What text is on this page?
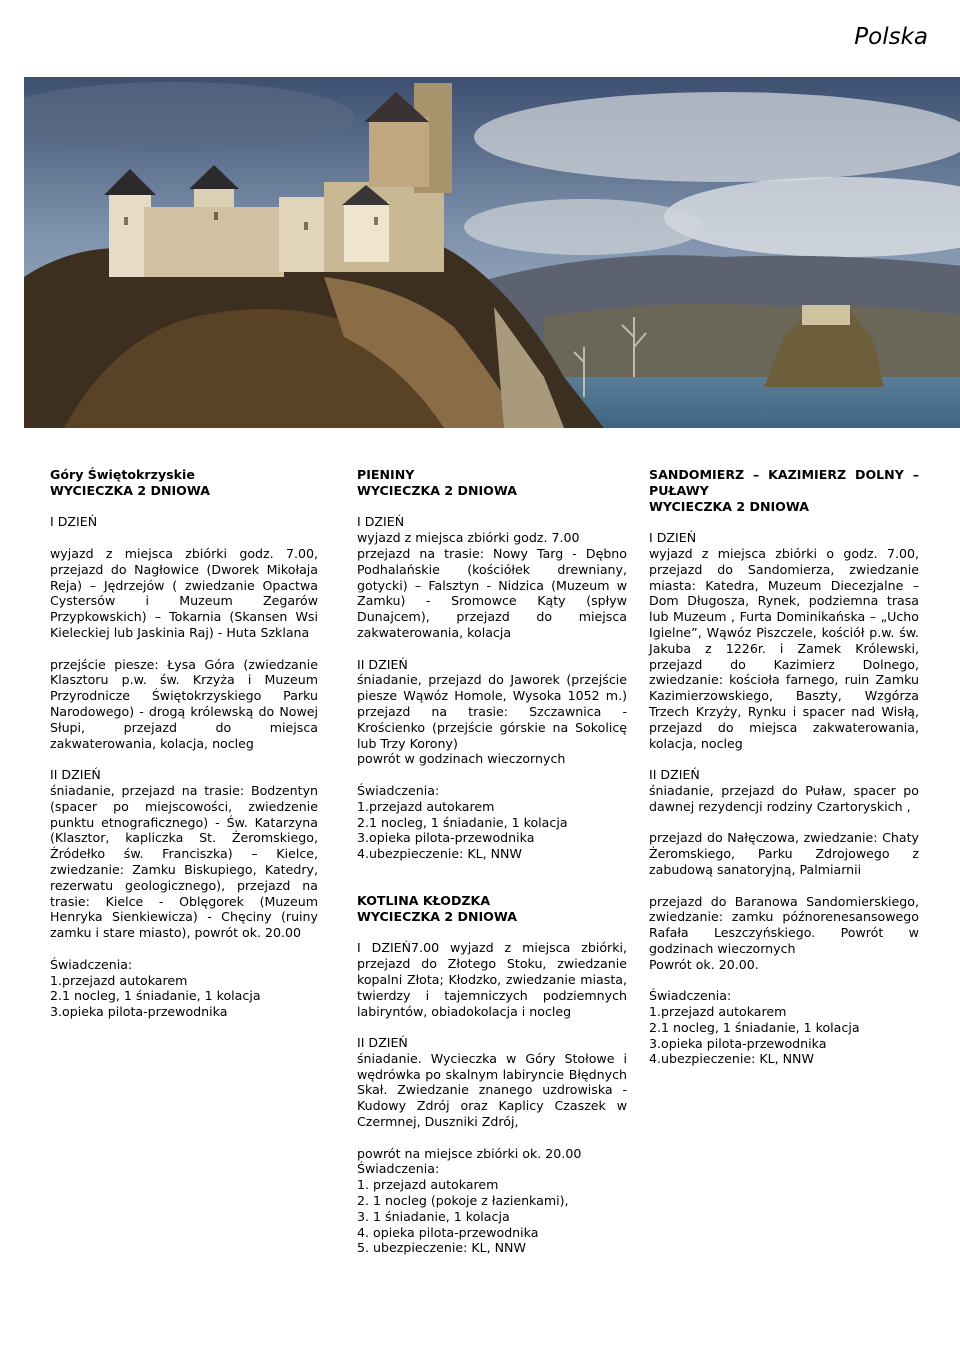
Polska
Góry Świętokrzyskie
WYCIECZKA 2 DNIOWA
I DZIEŃ
wyjazd z miejsca zbiórki godz. 7.00, przejazd do Nagłowice (Dworek Mikołaja Reja) – Jędrzejów ( zwiedzanie Opactwa Cystersów i Muzeum Zegarów Przypkowskich) – Tokarnia (Skansen Wsi Kieleckiej lub Jaskinia Raj) - Huta Szklana
przejście piesze: Łysa Góra (zwiedzanie Klasztoru p.w. św. Krzyża i Muzeum Przyrodnicze Świętokrzyskiego Parku Narodowego) - drogą królewską do Nowej Słupi, przejazd do miejsca zakwaterowania, kolacja, nocleg
II DZIEŃ
śniadanie, przejazd na trasie: Bodzentyn (spacer po miejscowości, zwiedzenie punktu etnograficznego) - Św. Katarzyna (Klasztor, kapliczka St. Żeromskiego, Źródełko św. Franciszka) – Kielce, zwiedzanie: Zamku Biskupiego, Katedry, rezerwatu geologicznego), przejazd na trasie: Kielce - Oblęgorek (Muzeum Henryka Sienkiewicza) - Chęciny (ruiny zamku i stare miasto), powrót ok. 20.00
Świadczenia:
1.przejazd autokarem
2.1 nocleg, 1 śniadanie, 1 kolacja
3.opieka pilota-przewodnika
PIENINY
WYCIECZKA 2 DNIOWA
I DZIEŃ
wyjazd z miejsca zbiórki godz. 7.00
przejazd na trasie: Nowy Targ - Dębno Podhalańskie (kościółek drewniany, gotycki) – Falsztyn - Nidzica (Muzeum w Zamku) - Sromowce Kąty (spływ Dunajcem), przejazd do miejsca zakwaterowania, kolacja
II DZIEŃ
śniadanie, przejazd do Jaworek (przejście piesze Wąwóz Homole, Wysoka 1052 m.) przejazd na trasie: Szczawnica - Krościenko (przejście górskie na Sokolicę lub Trzy Korony)
powrót w godzinach wieczornych
Świadczenia:
1.przejazd autokarem
2.1 nocleg, 1 śniadanie, 1 kolacja
3.opieka pilota-przewodnika
4.ubezpieczenie: KL, NNW
KOTLINA KŁODZKA
WYCIECZKA 2 DNIOWA
I DZIEŃ7.00 wyjazd z miejsca zbiórki, przejazd do Złotego Stoku, zwiedzanie kopalni Złota; Kłodzko, zwiedzanie miasta, twierdzy i tajemniczych podziemnych labiryntów, obiadokolacja i nocleg
II DZIEŃ
śniadanie. Wycieczka w Góry Stołowe i wędrówka po skalnym labiryncie Błędnych Skał. Zwiedzanie znanego uzdrowiska - Kudowy Zdrój oraz Kaplicy Czaszek w Czermnej, Duszniki Zdrój,
powrót na miejsce zbiórki ok. 20.00
Świadczenia:
1. przejazd autokarem
2. 1 nocleg (pokoje z łazienkami),
3. 1 śniadanie, 1 kolacja
4. opieka pilota-przewodnika
5. ubezpieczenie: KL, NNW
SANDOMIERZ – KAZIMIERZ DOLNY – PUŁAWY
WYCIECZKA 2 DNIOWA
I DZIEŃ
wyjazd z miejsca zbiórki o godz. 7.00, przejazd do Sandomierza, zwiedzanie miasta: Katedra, Muzeum Diecezjalne – Dom Długosza, Rynek, podziemna trasa lub Muzeum , Furta Dominikańska – „Ucho Igielne”, Wąwóz Piszczele, kościół p.w. św. Jakuba z 1226r. i Zamek Królewski, przejazd do Kazimierz Dolnego, zwiedzanie: kościoła farnego, ruin Zamku Kazimierzowskiego, Baszty, Wzgórza Trzech Krzyży, Rynku i spacer nad Wisłą, przejazd do miejsca zakwaterowania, kolacja, nocleg
II DZIEŃ
śniadanie, przejazd do Puław, spacer po dawnej rezydencji rodziny Czartoryskich ,
przejazd do Nałęczowa, zwiedzanie: Chaty Żeromskiego, Parku Zdrojowego z zabudową sanatoryjną, Palmiarnii
przejazd do Baranowa Sandomierskiego, zwiedzanie: zamku późnorenesansowego Rafała Leszczyńskiego. Powrót w godzinach wieczornych
Powrót ok. 20.00.
Świadczenia:
1.przejazd autokarem
2.1 nocleg, 1 śniadanie, 1 kolacja
3.opieka pilota-przewodnika
4.ubezpieczenie: KL, NNW
